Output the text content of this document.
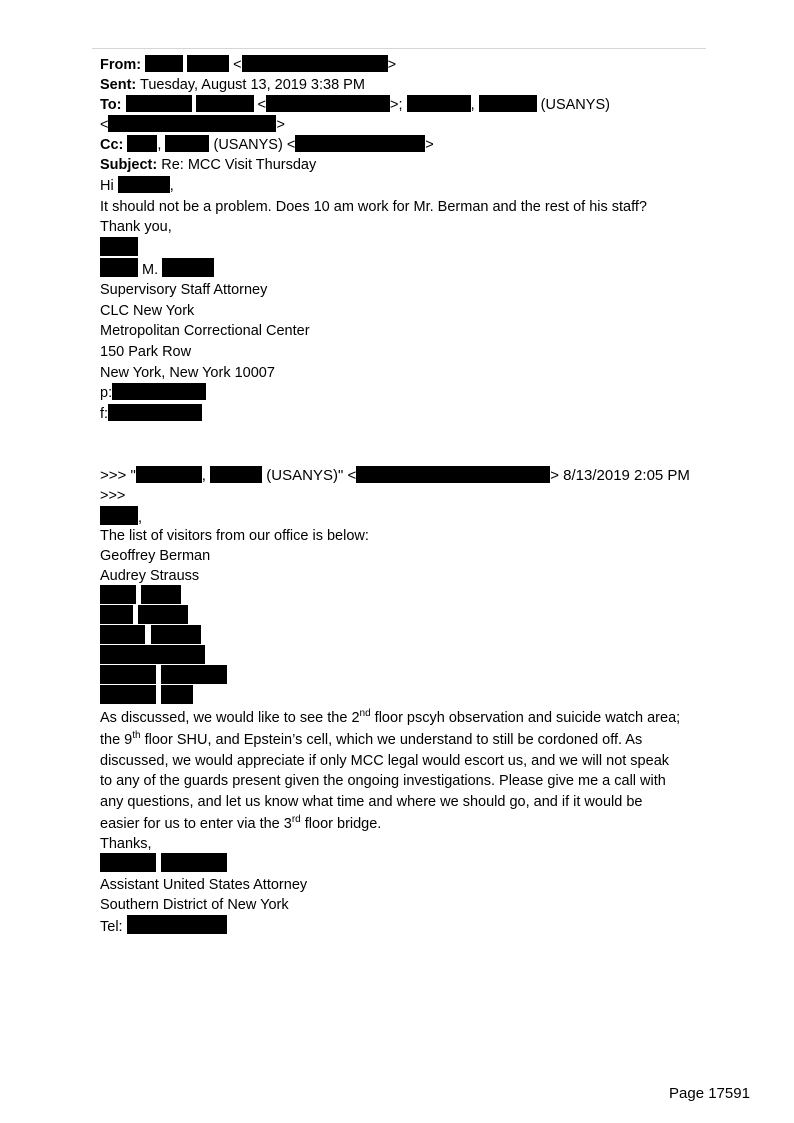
From:	<	>
Sent: Tuesday, August 13, 2019 3:38 PM
To:	<	>;	,	(USANYS)
<	>
Cc: ,	(USANYS) <	>
Subject: Re: MCC Visit Thursday
Hi	,
It should not be a problem. Does 10 am work for Mr. Berman and the rest of his staff?
Thank you,
M.
Supervisory Staff Attorney
CLC New York
Metropolitan Correctional Center
150 Park Row
New York, New York 10007
p:
f:
>>> "	,	(USANYS)" <	> 8/13/2019 2:05 PM
>>>
,
The list of visitors from our office is below:
Geoffrey Berman
Audrey Strauss
As discussed, we would like to see the 2nd floor pscyh observation and suicide watch area;
the 9th floor SHU, and Epstein’s cell, which we understand to still be cordoned off. As
discussed, we would appreciate if only MCC legal would escort us, and we will not speak
to any of the guards present given the ongoing investigations. Please give me a call with
any questions, and let us know what time and where we should go, and if it would be
easier for us to enter via the 3rd floor bridge.
Thanks,
Assistant United States Attorney
Southern District of New York
Tel:
Page 17591
